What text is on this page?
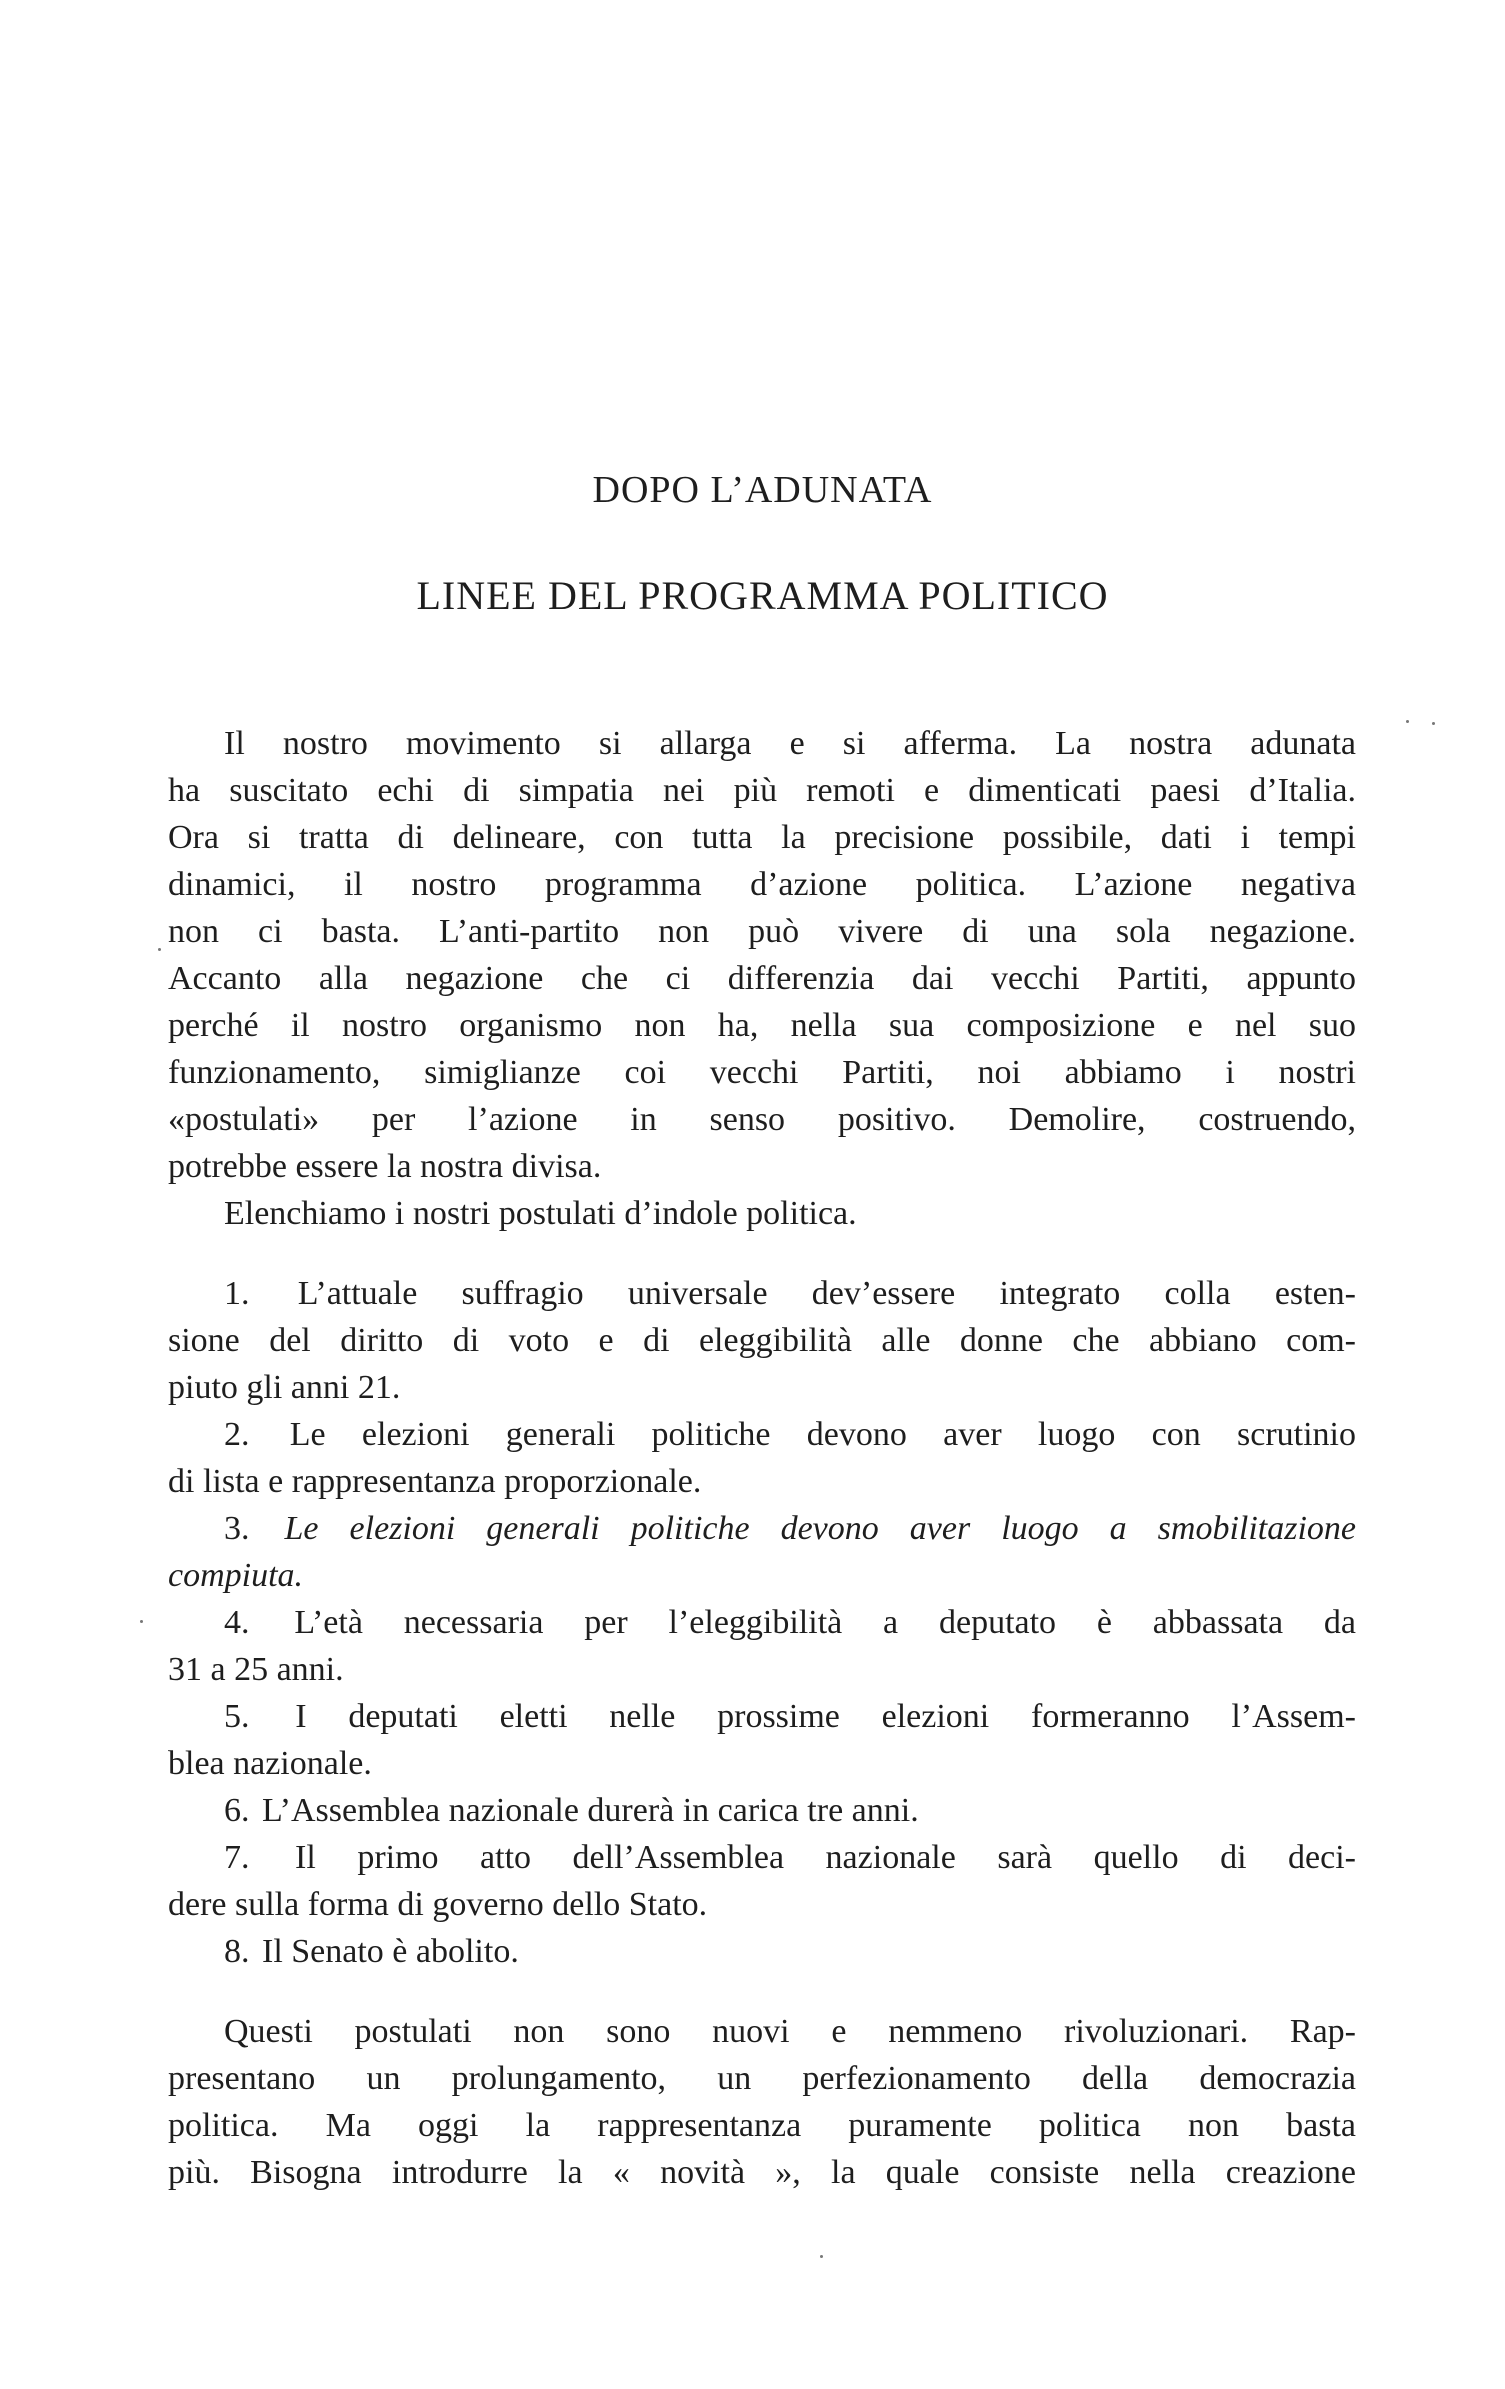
DOPO L’ADUNATA
LINEE DEL PROGRAMMA POLITICO
Il nostro movimento si allarga e si afferma. La nostra adunata
ha suscitato echi di simpatia nei più remoti e dimenticati paesi d’Italia.
Ora si tratta di delineare, con tutta la precisione possibile, dati i tempi
dinamici, il nostro programma d’azione politica. L’azione negativa
non ci basta. L’anti-partito non può vivere di una sola negazione.
Accanto alla negazione che ci differenzia dai vecchi Partiti, appunto
perché il nostro organismo non ha, nella sua composizione e nel suo
funzionamento, simiglianze coi vecchi Partiti, noi abbiamo i nostri
«postulati» per l’azione in senso positivo. Demolire, costruendo,
potrebbe essere la nostra divisa.
Elenchiamo i nostri postulati d’indole politica.
1. L’attuale suffragio universale dev’essere integrato colla esten-
sione del diritto di voto e di eleggibilità alle donne che abbiano com-
piuto gli anni 21.
2. Le elezioni generali politiche devono aver luogo con scrutinio
di lista e rappresentanza proporzionale.
3. Le elezioni generali politiche devono aver luogo a smobilitazione
compiuta.
4. L’età necessaria per l’eleggibilità a deputato è abbassata da
31 a 25 anni.
5. I deputati eletti nelle prossime elezioni formeranno l’Assem-
blea nazionale.
6. L’Assemblea nazionale durerà in carica tre anni.
7. Il primo atto dell’Assemblea nazionale sarà quello di deci-
dere sulla forma di governo dello Stato.
8. Il Senato è abolito.
Questi postulati non sono nuovi e nemmeno rivoluzionari. Rap-
presentano un prolungamento, un perfezionamento della democrazia
politica. Ma oggi la rappresentanza puramente politica non basta
più. Bisogna introdurre la « novità », la quale consiste nella creazione
